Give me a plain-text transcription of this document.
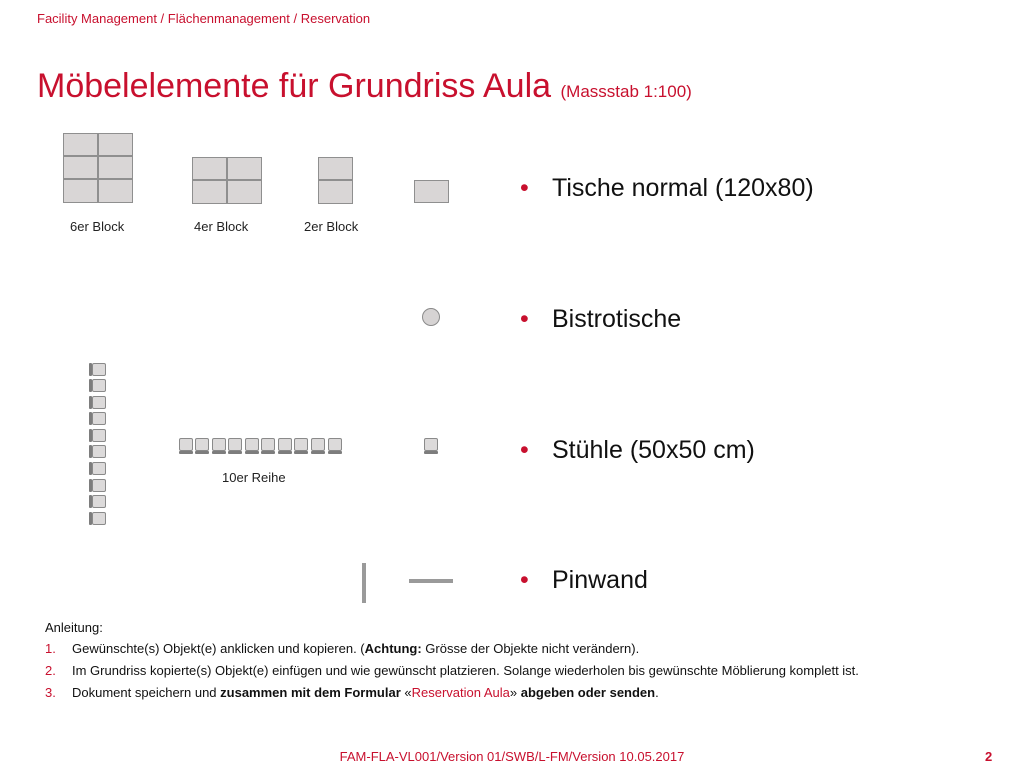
Facility Management / Flächenmanagement / Reservation
Möbelelemente für Grundriss Aula (Massstab 1:100)
6er Block	4er Block	2er Block
10er Reihe
• Tische normal (120x80)
• Bistrotische
• Stühle (50x50 cm)
• Pinwand
Anleitung:
1. Gewünschte(s) Objekt(e) anklicken und kopieren. (Achtung: Grösse der Objekte nicht verändern).
2. Im Grundriss kopierte(s) Objekt(e) einfügen und wie gewünscht platzieren. Solange wiederholen bis gewünschte Möblierung komplett ist.
3. Dokument speichern und zusammen mit dem Formular «Reservation Aula» abgeben oder senden.
FAM-FLA-VL001/Version 01/SWB/L-FM/Version 10.05.2017	2
